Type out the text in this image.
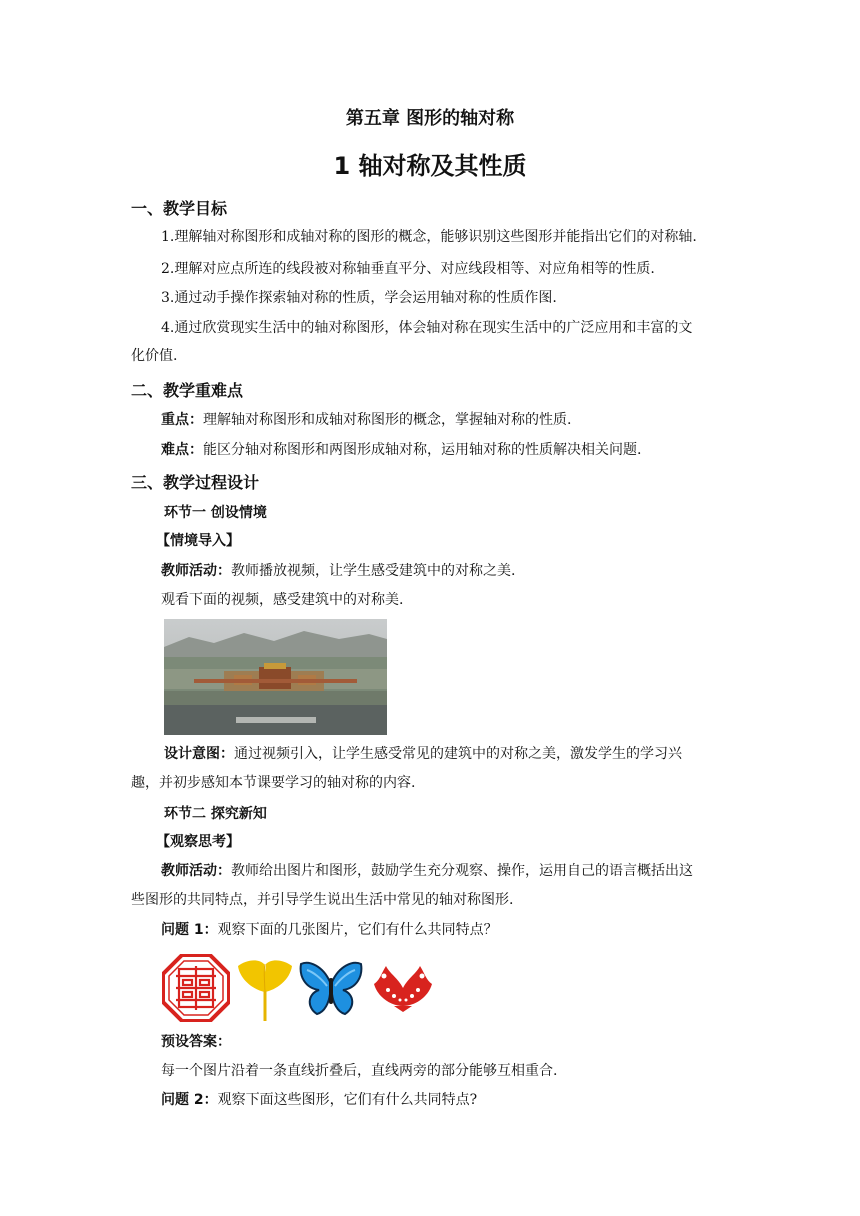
第五章 图形的轴对称
1 轴对称及其性质
一、教学目标
1.理解轴对称图形和成轴对称的图形的概念，能够识别这些图形并能指出它们的对称轴.
2.理解对应点所连的线段被对称轴垂直平分、对应线段相等、对应角相等的性质.
3.通过动手操作探索轴对称的性质，学会运用轴对称的性质作图.
4.通过欣赏现实生活中的轴对称图形，体会轴对称在现实生活中的广泛应用和丰富的文
化价值.
二、教学重难点
重点：理解轴对称图形和成轴对称图形的概念，掌握轴对称的性质.
难点：能区分轴对称图形和两图形成轴对称，运用轴对称的性质解决相关问题.
三、教学过程设计
环节一 创设情境
【情境导入】
教师活动：教师播放视频，让学生感受建筑中的对称之美.
观看下面的视频，感受建筑中的对称美.
设计意图：通过视频引入，让学生感受常见的建筑中的对称之美，激发学生的学习兴
趣，并初步感知本节课要学习的轴对称的内容.
环节二 探究新知
【观察思考】
教师活动：教师给出图片和图形，鼓励学生充分观察、操作，运用自己的语言概括出这
些图形的共同特点，并引导学生说出生活中常见的轴对称图形.
问题 1：观察下面的几张图片，它们有什么共同特点？
预设答案：
每一个图片沿着一条直线折叠后，直线两旁的部分能够互相重合.
问题 2：观察下面这些图形，它们有什么共同特点?
